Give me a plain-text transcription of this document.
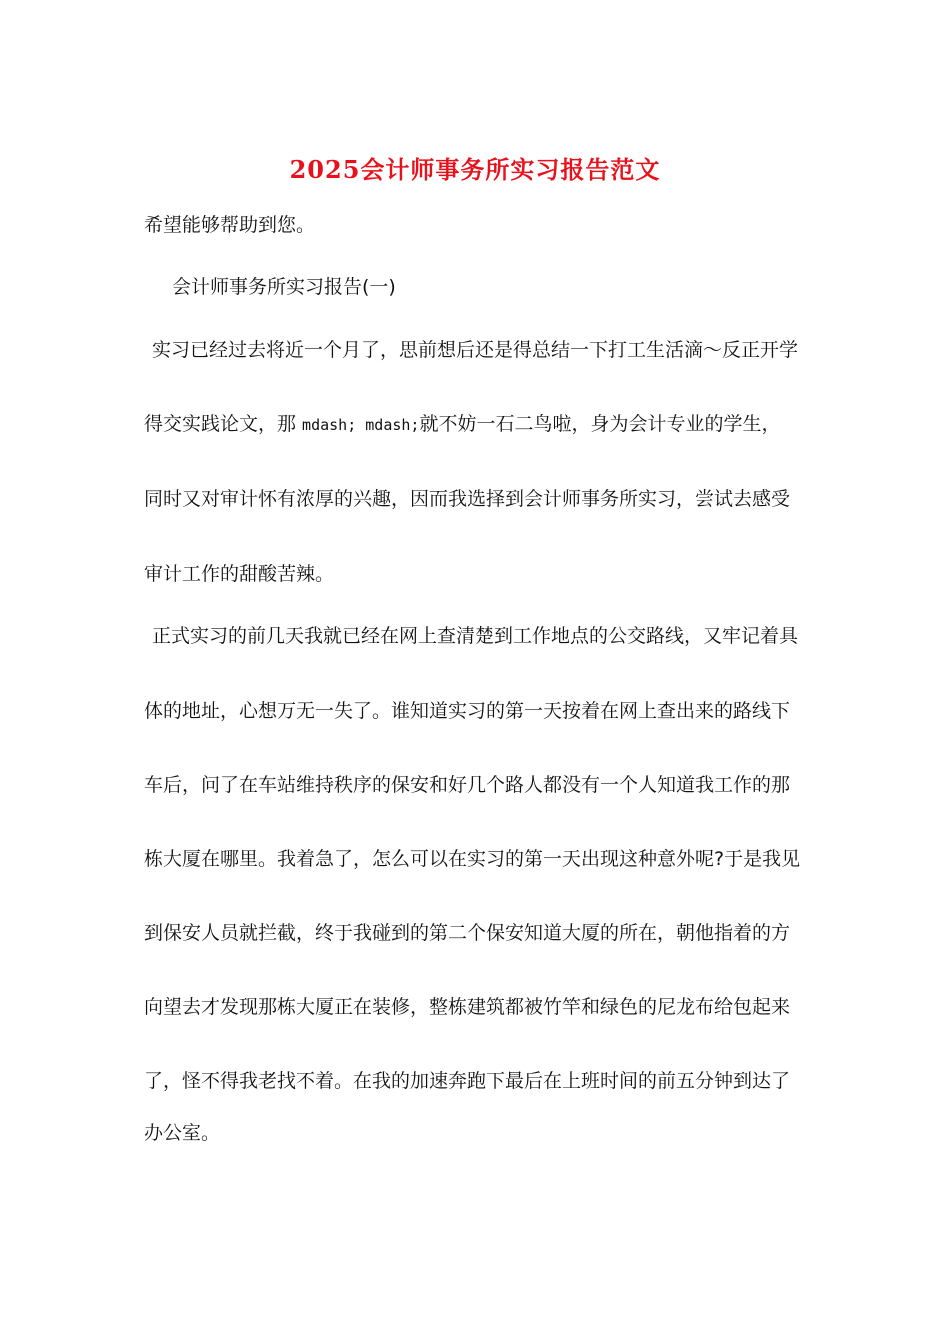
2025会计师事务所实习报告范文
希望能够帮助到您。
会计师事务所实习报告(一)
实习已经过去将近一个月了，思前想后还是得总结一下打工生活滴～反正开学
得交实践论文，那 mdash; mdash;就不妨一石二鸟啦，身为会计专业的学生，
同时又对审计怀有浓厚的兴趣，因而我选择到会计师事务所实习，尝试去感受
审计工作的甜酸苦辣。
正式实习的前几天我就已经在网上查清楚到工作地点的公交路线，又牢记着具
体的地址，心想万无一失了。谁知道实习的第一天按着在网上查出来的路线下
车后，问了在车站维持秩序的保安和好几个路人都没有一个人知道我工作的那
栋大厦在哪里。我着急了，怎么可以在实习的第一天出现这种意外呢?于是我见
到保安人员就拦截，终于我碰到的第二个保安知道大厦的所在，朝他指着的方
向望去才发现那栋大厦正在装修，整栋建筑都被竹竿和绿色的尼龙布给包起来
了，怪不得我老找不着。在我的加速奔跑下最后在上班时间的前五分钟到达了
办公室。
